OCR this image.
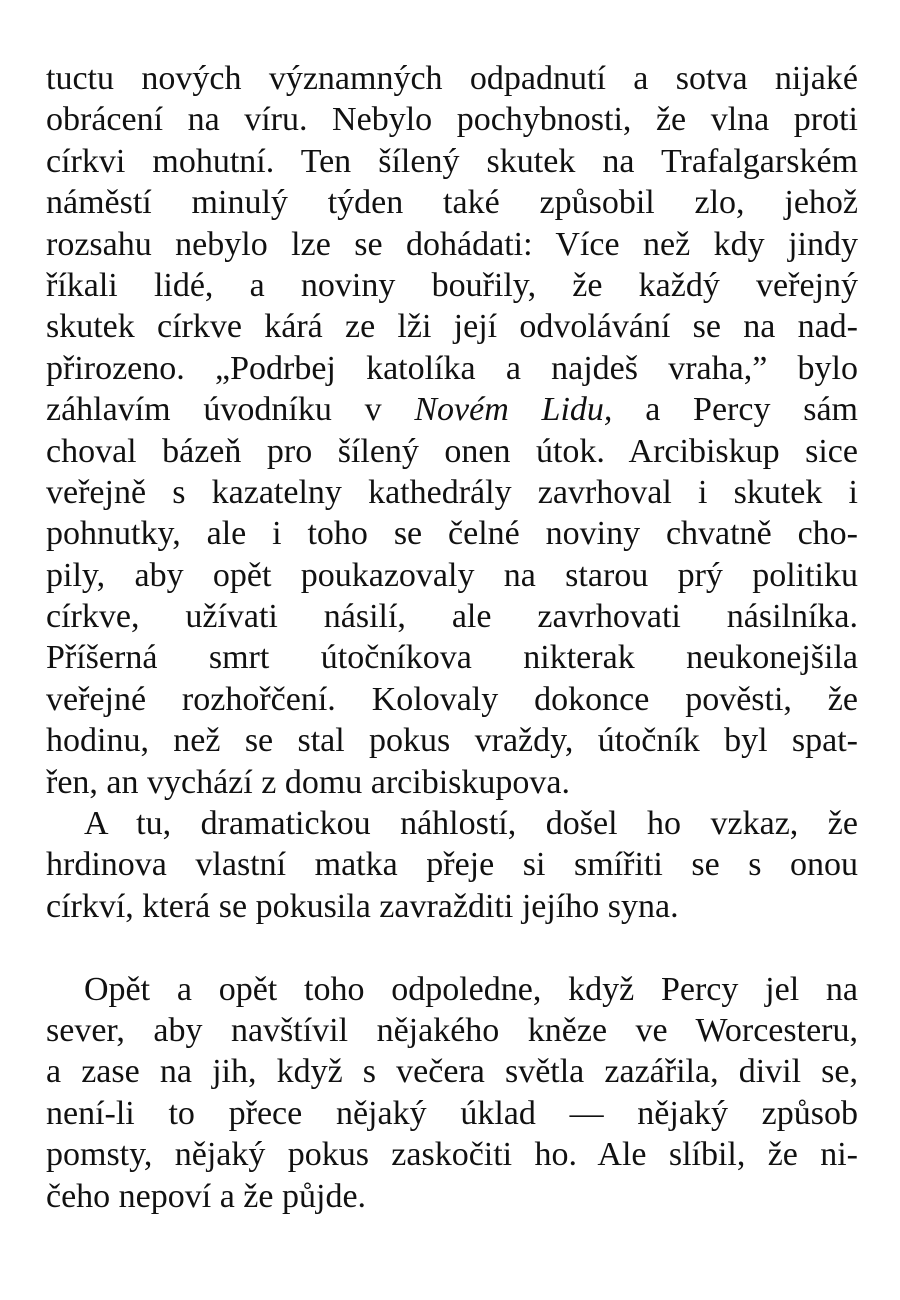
tuctu nových významných odpadnutí a sotva nijaké
obrácení na víru. Nebylo pochybnosti, že vlna proti
církvi mohutní. Ten šílený skutek na Trafalgarském
náměstí minulý týden také způsobil zlo, jehož
rozsahu nebylo lze se dohádati: Více než kdy jindy
říkali lidé, a noviny bouřily, že každý veřejný
skutek církve kárá ze lži její odvolávání se na nad-
přirozeno. „Podrbej katolíka a najdeš vraha,” bylo
záhlavím úvodníku v Novém Lidu, a Percy sám
choval bázeň pro šílený onen útok. Arcibiskup sice
veřejně s kazatelny kathedrály zavrhoval i skutek i
pohnutky, ale i toho se čelné noviny chvatně cho-
pily, aby opět poukazovaly na starou prý politiku
církve, užívati násilí, ale zavrhovati násilníka.
Příšerná smrt útočníkova nikterak neukonejšila
veřejné rozhořčení. Kolovaly dokonce pověsti, že
hodinu, než se stal pokus vraždy, útočník byl spat-
řen, an vychází z domu arcibiskupova.
A tu, dramatickou náhlostí, došel ho vzkaz, že
hrdinova vlastní matka přeje si smířiti se s onou
církví, která se pokusila zavražditi jejího syna.
Opět a opět toho odpoledne, když Percy jel na
sever, aby navštívil nějakého kněze ve Worcesteru,
a zase na jih, když s večera světla zazářila, divil se,
není-li to přece nějaký úklad — nějaký způsob
pomsty, nějaký pokus zaskočiti ho. Ale slíbil, že ni-
čeho nepoví a že půjde.
